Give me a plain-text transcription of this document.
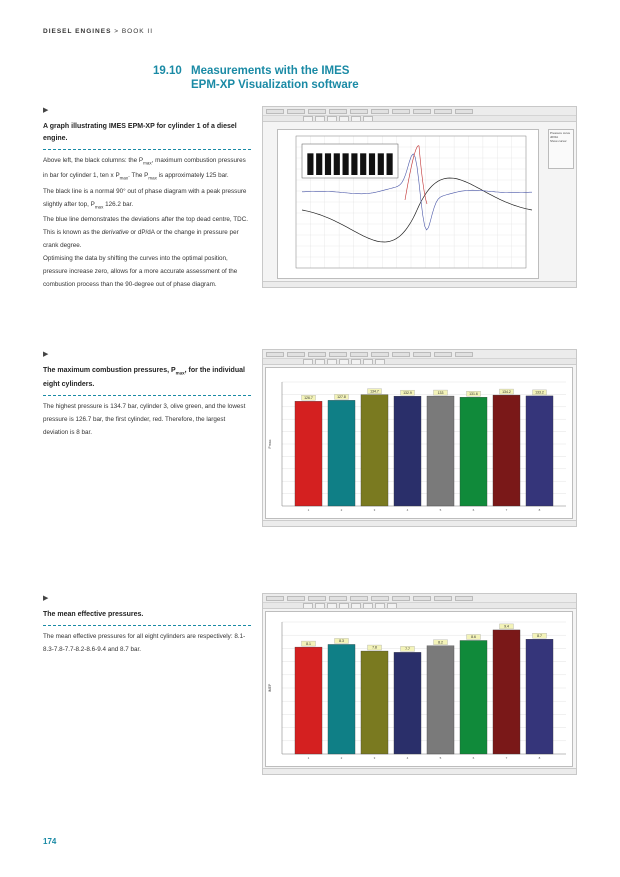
DIESEL ENGINES > BOOK II
19.10 Measurements with the IMES
EPM-XP Visualization software
▶
A graph illustrating IMES EPM-XP for cylinder 1 of a diesel engine.
Above left, the black columns: the $P_{max}$, maximum combustion pressures in bar for cylinder 1, ten x $P_{max}$. The $P_{max}$ is approximately 125 bar.
The black line is a normal 90° out of phase diagram with a peak pressure slightly after top, $P_{max}$ 126.2 bar.
The blue line demonstrates the deviations after the top dead centre, TDC.
This is known as the derivative or dP/dA or the change in pressure per crank degree.
Optimising the data by shifting the curves into the optimal position, pressure increase zero, allows for a more accurate assessment of the combustion process than the 90-degree out of phase diagram.
▶
The maximum combustion pressures, $P_{max}$, for the individual eight cylinders.
The highest pressure is 134.7 bar, cylinder 3, olive green, and the lowest pressure is 126.7 bar, the first cylinder, red. Therefore, the largest deviation is 8 bar.
▶
The mean effective pressures.
The mean effective pressures for all eight cylinders are respectively: 8.1-8.3-7.8-7.7-8.2-8.6-9.4 and 8.7 bar.
Pressure curve
dP/dA
Show cursor
126.7
1
127.8
2
134.7
3
132.9
4
133
5
131.6
6
134.2
7
133.2
8
Pmax
8.1
1
8.3
2
7.8
3
7.7
4
8.2
5
8.6
6
9.4
7
8.7
8
IMEP
174
